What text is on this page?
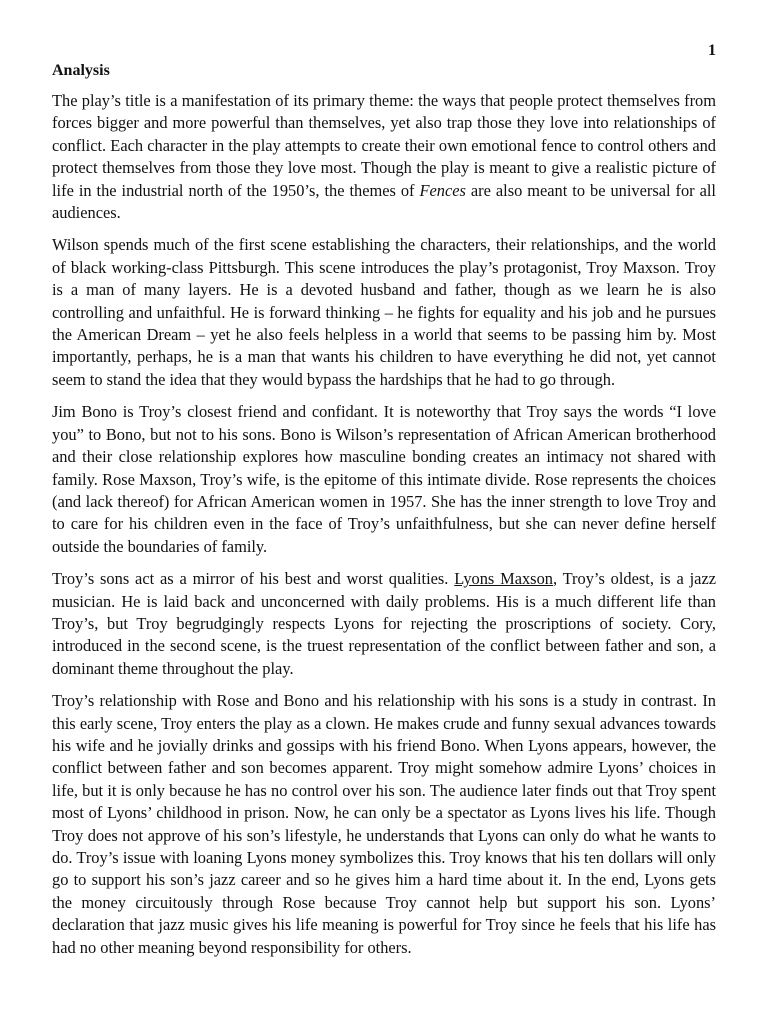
1
Analysis

The play’s title is a manifestation of its primary theme: the ways that people protect themselves from forces bigger and more powerful than themselves, yet also trap those they love into relationships of conflict. Each character in the play attempts to create their own emotional fence to control others and protect themselves from those they love most. Though the play is meant to give a realistic picture of life in the industrial north of the 1950’s, the themes of Fences are also meant to be universal for all audiences.

Wilson spends much of the first scene establishing the characters, their relationships, and the world of black working-class Pittsburgh. This scene introduces the play’s protagonist, Troy Maxson. Troy is a man of many layers. He is a devoted husband and father, though as we learn he is also controlling and unfaithful. He is forward thinking – he fights for equality and his job and he pursues the American Dream – yet he also feels helpless in a world that seems to be passing him by. Most importantly, perhaps, he is a man that wants his children to have everything he did not, yet cannot seem to stand the idea that they would bypass the hardships that he had to go through.

Jim Bono is Troy’s closest friend and confidant. It is noteworthy that Troy says the words “I love you” to Bono, but not to his sons. Bono is Wilson’s representation of African American brotherhood and their close relationship explores how masculine bonding creates an intimacy not shared with family. Rose Maxson, Troy’s wife, is the epitome of this intimate divide. Rose represents the choices (and lack thereof) for African American women in 1957. She has the inner strength to love Troy and to care for his children even in the face of Troy’s unfaithfulness, but she can never define herself outside the boundaries of family.

Troy’s sons act as a mirror of his best and worst qualities. Lyons Maxson, Troy’s oldest, is a jazz musician. He is laid back and unconcerned with daily problems. His is a much different life than Troy’s, but Troy begrudgingly respects Lyons for rejecting the proscriptions of society. Cory, introduced in the second scene, is the truest representation of the conflict between father and son, a dominant theme throughout the play.

Troy’s relationship with Rose and Bono and his relationship with his sons is a study in contrast. In this early scene, Troy enters the play as a clown. He makes crude and funny sexual advances towards his wife and he jovially drinks and gossips with his friend Bono. When Lyons appears, however, the conflict between father and son becomes apparent. Troy might somehow admire Lyons’ choices in life, but it is only because he has no control over his son. The audience later finds out that Troy spent most of Lyons’ childhood in prison. Now, he can only be a spectator as Lyons lives his life. Though Troy does not approve of his son’s lifestyle, he understands that Lyons can only do what he wants to do. Troy’s issue with loaning Lyons money symbolizes this. Troy knows that his ten dollars will only go to support his son’s jazz career and so he gives him a hard time about it. In the end, Lyons gets the money circuitously through Rose because Troy cannot help but support his son. Lyons’ declaration that jazz music gives his life meaning is powerful for Troy since he feels that his life has had no other meaning beyond responsibility for others.
